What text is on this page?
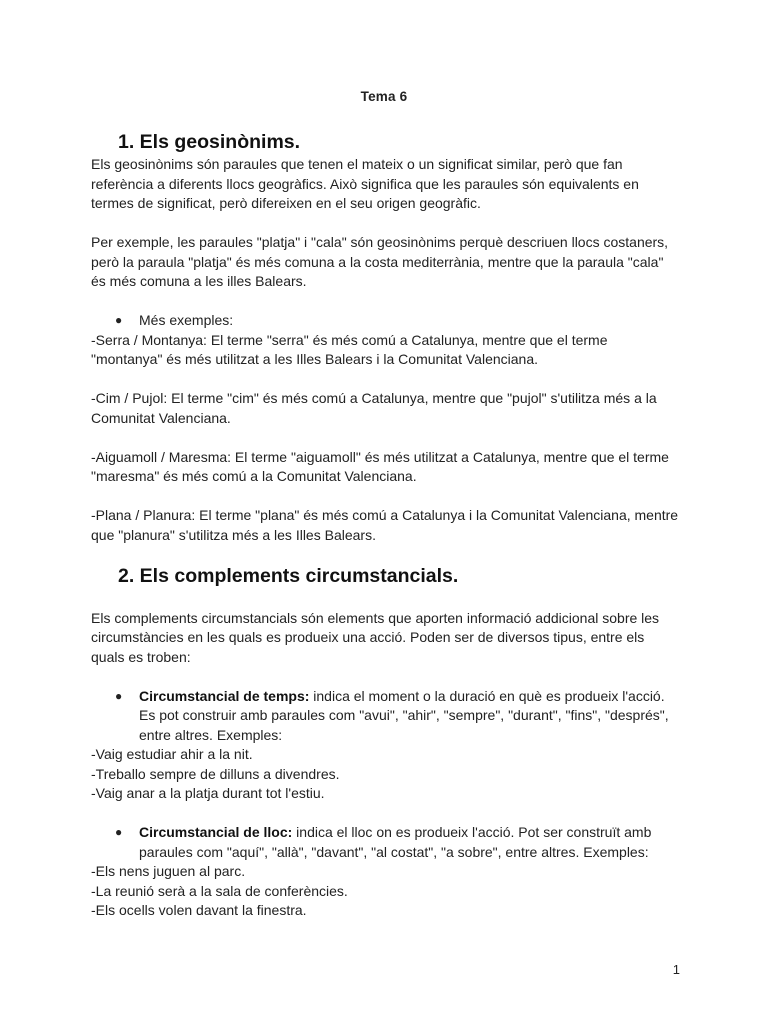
Tema 6
1. Els geosinònims.

Els geosinònims són paraules que tenen el mateix o un significat similar, però que fan referència a diferents llocs geogràfics. Això significa que les paraules són equivalents en termes de significat, però difereixen en el seu origen geogràfic.

Per exemple, les paraules "platja" i "cala" són geosinònims perquè descriuen llocs costaners, però la paraula "platja" és més comuna a la costa mediterrània, mentre que la paraula "cala" és més comuna a les illes Balears.

● Més exemples:

-Serra / Montanya: El terme "serra" és més comú a Catalunya, mentre que el terme "montanya" és més utilitzat a les Illes Balears i la Comunitat Valenciana.

-Cim / Pujol: El terme "cim" és més comú a Catalunya, mentre que "pujol" s'utilitza més a la Comunitat Valenciana.

-Aiguamoll / Maresma: El terme "aiguamoll" és més utilitzat a Catalunya, mentre que el terme "maresma" és més comú a la Comunitat Valenciana.

-Plana / Planura: El terme "plana" és més comú a Catalunya i la Comunitat Valenciana, mentre que "planura" s'utilitza més a les Illes Balears.

2. Els complements circumstancials.

Els complements circumstancials són elements que aporten informació addicional sobre les circumstàncies en les quals es produeix una acció. Poden ser de diversos tipus, entre els quals es troben:

● Circumstancial de temps: indica el moment o la duració en què es produeix l'acció. Es pot construir amb paraules com "avui", "ahir", "sempre", "durant", "fins", "després", entre altres. Exemples:

-Vaig estudiar ahir a la nit.

-Treballo sempre de dilluns a divendres.

-Vaig anar a la platja durant tot l'estiu.

● Circumstancial de lloc: indica el lloc on es produeix l'acció. Pot ser construït amb paraules com "aquí", "allà", "davant", "al costat", "a sobre", entre altres. Exemples:

-Els nens juguen al parc.

-La reunió serà a la sala de conferències.

-Els ocells volen davant la finestra.

1
